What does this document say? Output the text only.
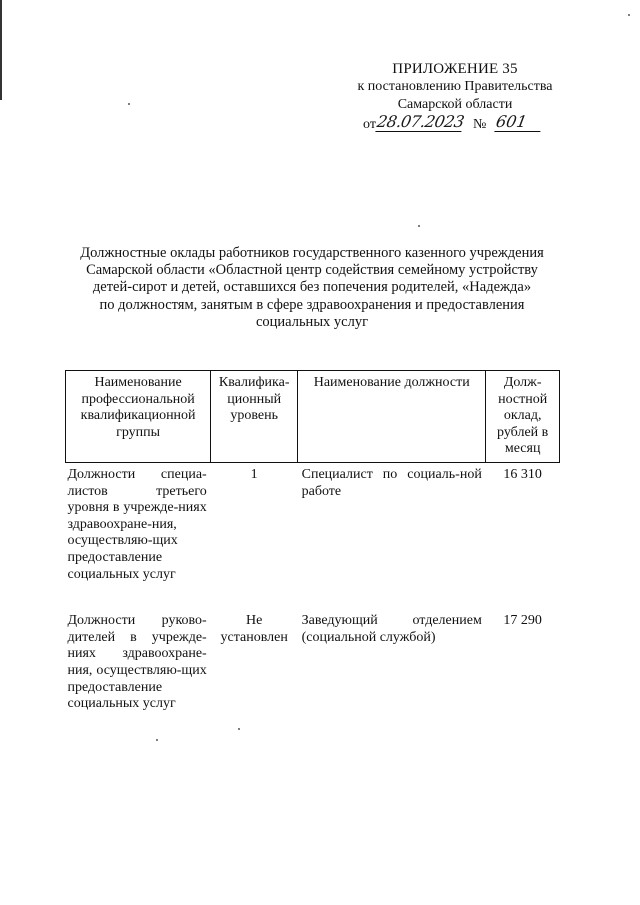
ПРИЛОЖЕНИЕ 35
к постановлению Правительства
Самарской области
от 28.07.2023 № 601
Должностные оклады работников государственного казенного учреждения
Самарской области «Областной центр содействия семейному устройству
детей-сирот и детей, оставшихся без попечения родителей, «Надежда»
по должностям, занятым в сфере здравоохранения и предоставления
социальных услуг
Наименование профессиональной квалификационной группы	Квалифика-ционный уровень	Наименование должности	Долж-ностной оклад, рублей в месяц
Должности специа-листов третьего уровня в учрежде-ниях здравоохране-ния, осуществляю-щих предоставление социальных услуг	1	Специалист по социаль-ной работе	16 310

Должности руково-дителей в учрежде-ниях здравоохране-ния, осуществляю-щих предоставление социальных услуг	Не установлен	Заведующий отделением (социальной службой)	17 290
